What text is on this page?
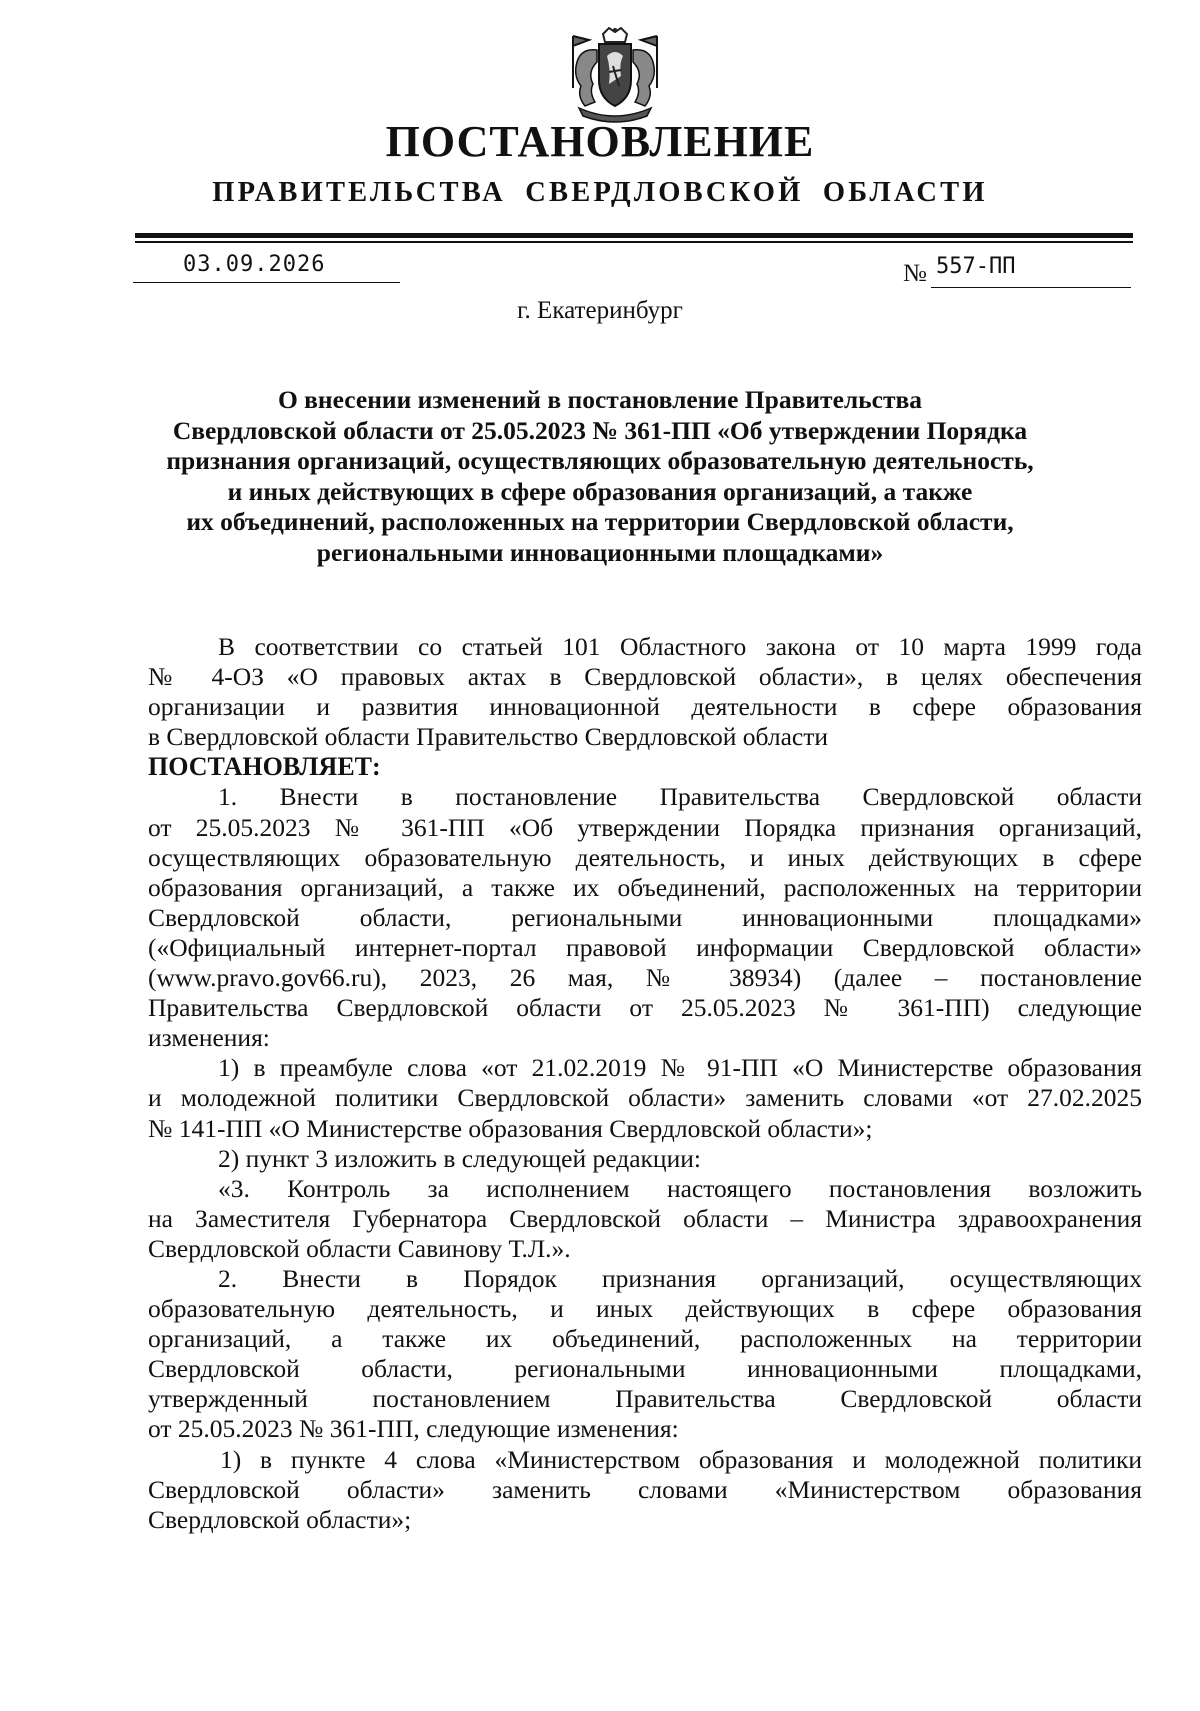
ПОСТАНОВЛЕНИЕ
ПРАВИТЕЛЬСТВА СВЕРДЛОВСКОЙ ОБЛАСТИ
03.09.2026	№ 557-ПП
г. Екатеринбург
О внесении изменений в постановление Правительства
Свердловской области от 25.05.2023 № 361-ПП «Об утверждении Порядка
признания организаций, осуществляющих образовательную деятельность,
и иных действующих в сфере образования организаций, а также
их объединений, расположенных на территории Свердловской области,
региональными инновационными площадками»
В соответствии со статьей 101 Областного закона от 10 марта 1999 года
№ 4-ОЗ «О правовых актах в Свердловской области», в целях обеспечения
организации и развития инновационной деятельности в сфере образования
в Свердловской области Правительство Свердловской области
ПОСТАНОВЛЯЕТ:
1. Внести в постановление Правительства Свердловской области
от 25.05.2023 № 361-ПП «Об утверждении Порядка признания организаций,
осуществляющих образовательную деятельность, и иных действующих в сфере
образования организаций, а также их объединений, расположенных на территории
Свердловской области, региональными инновационными площадками»
(«Официальный интернет-портал правовой информации Свердловской области»
(www.pravo.gov66.ru), 2023, 26 мая, № 38934) (далее – постановление
Правительства Свердловской области от 25.05.2023 № 361-ПП) следующие
изменения:
1) в преамбуле слова «от 21.02.2019 № 91-ПП «О Министерстве образования
и молодежной политики Свердловской области» заменить словами «от 27.02.2025
№ 141-ПП «О Министерстве образования Свердловской области»;
2) пункт 3 изложить в следующей редакции:
«3. Контроль за исполнением настоящего постановления возложить
на Заместителя Губернатора Свердловской области – Министра здравоохранения
Свердловской области Савинову Т.Л.».
2. Внести в Порядок признания организаций, осуществляющих
образовательную деятельность, и иных действующих в сфере образования
организаций, а также их объединений, расположенных на территории
Свердловской области, региональными инновационными площадками,
утвержденный постановлением Правительства Свердловской области
от 25.05.2023 № 361-ПП, следующие изменения:
1) в пункте 4 слова «Министерством образования и молодежной политики
Свердловской области» заменить словами «Министерством образования
Свердловской области»;
